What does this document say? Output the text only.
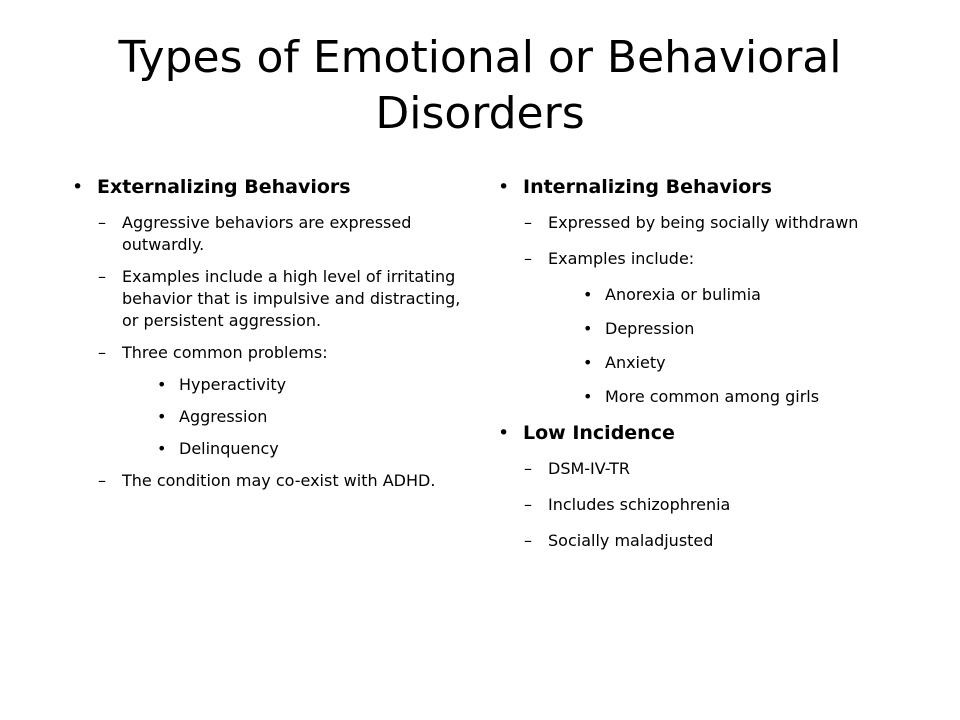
Types of Emotional or Behavioral Disorders
• Externalizing Behaviors
– Aggressive behaviors are expressed outwardly.
– Examples include a high level of irritating behavior that is impulsive and distracting, or persistent aggression.
– Three common problems:
• Hyperactivity
• Aggression
• Delinquency
– The condition may co-exist with ADHD.
• Internalizing Behaviors
– Expressed by being socially withdrawn
– Examples include:
• Anorexia or bulimia
• Depression
• Anxiety
• More common among girls
• Low Incidence
– DSM-IV-TR
– Includes schizophrenia
– Socially maladjusted
